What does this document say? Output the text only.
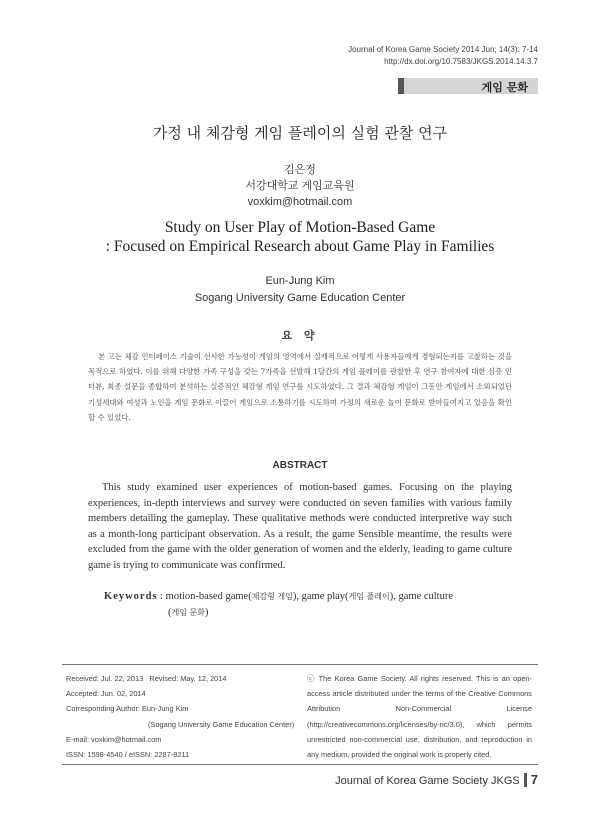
Journal of Korea Game Society 2014 Jun; 14(3): 7-14
http://dx.doi.org/10.7583/JKGS.2014.14.3.7
게임 문화
가정 내 체감형 게임 플레이의 실험 관찰 연구
김은정
서강대학교 게임교육원
voxkim@hotmail.com
Study on User Play of Motion-Based Game
: Focused on Empirical Research about Game Play in Families
Eun-Jung Kim
Sogang University Game Education Center
요 약
본 고는 체감 인터페이스 기술이 선사한 가능성이 게임의 영역에서 실재적으로 어떻게 사용자들에게 경험되는지를 고찰하는 것을 목적으로 하였다. 이를 위해 다양한 가족 구성을 갖는 7가족을 선발해 1달간의 게임 플레이를 관찰한 후 연구 참여자에 대한 심층 인터뷰, 최종 설문을 종합하여 분석하는 실증적인 체감형 게임 연구를 시도하였다. 그 결과 체감형 게임이 그동안 게임에서 소외되었던 기성세대와 여성과 노인을 게임 문화로 이끌어 게임으로 소통하기를 시도하며 가정의 새로운 놀이 문화로 받아들여지고 있음을 확인할 수 있었다.
ABSTRACT
This study examined user experiences of motion-based games. Focusing on the playing experiences, in-depth interviews and survey were conducted on seven families with various family members detailing the gameplay. These qualitative methods were conducted interpretive way such as a month-long participant observation. As a result, the game Sensible meantime, the results were excluded from the game with the older generation of women and the elderly, leading to game culture game is trying to communicate was confirmed.
Keywords : motion-based game(체감형 게임), game play(게임 플레이), game culture
(게임 문화)
Received: Jul. 22, 2013 Revised: May. 12, 2014
Accepted: Jun. 02, 2014
Corresponding Author: Eun-Jung Kim
(Sogang University Game Education Center)
E-mail: voxkim@hotmail.com
ISSN: 1598-4540 / eISSN: 2287-8211
ⓒ The Korea Game Society. All rights reserved. This is an open-access article distributed under the terms of the Creative Commons Attribution Non-Commercial License (http://creativecommons.org/licenses/by-nc/3.0), which permits unrestricted non-commercial use, distribution, and reproduction in any medium, provided the original work is properly cited.
Journal of Korea Game Society JKGS 7
